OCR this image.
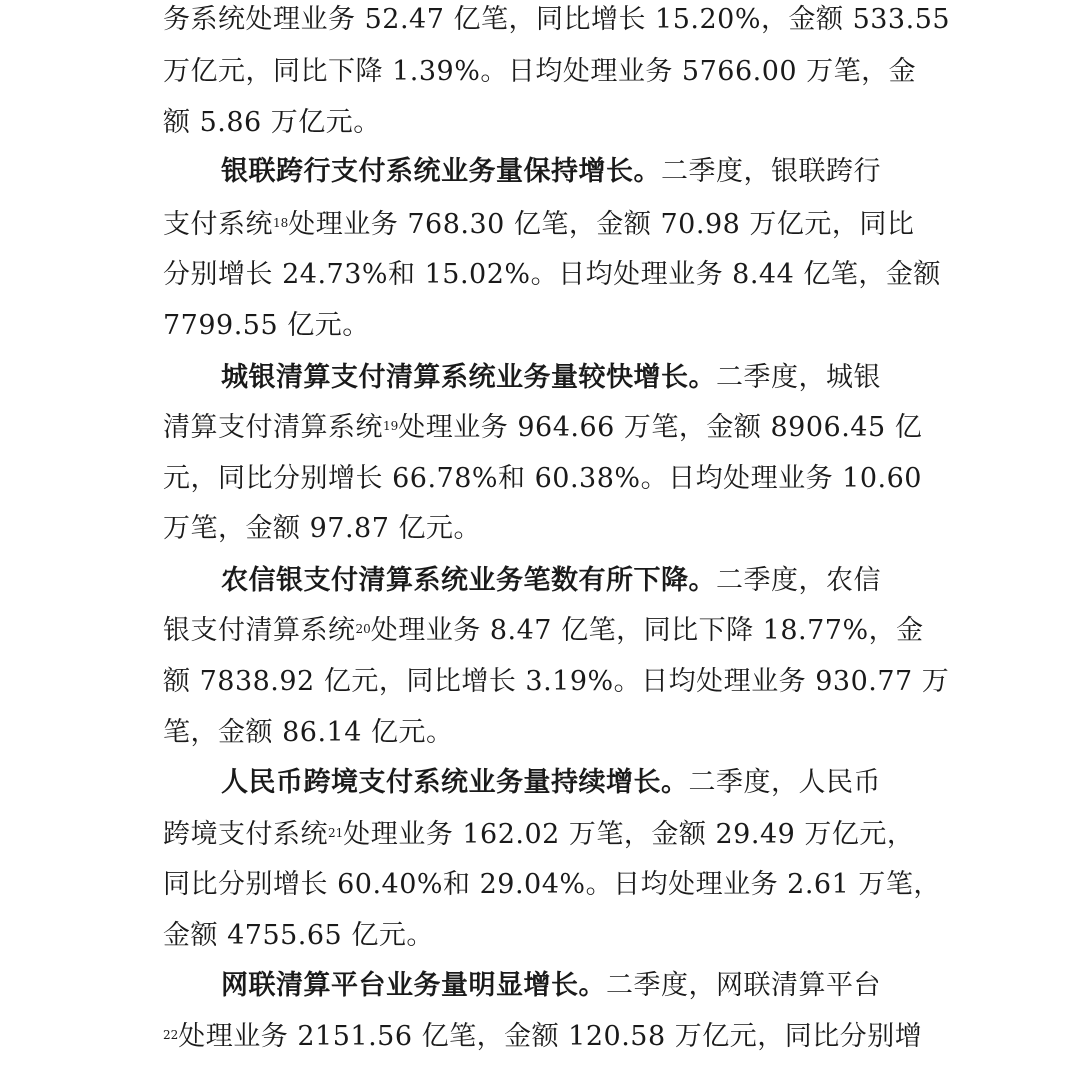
务系统处理业务 52.47 亿笔，同比增长 15.20%，金额 533.55
万亿元，同比下降 1.39%。日均处理业务 5766.00 万笔，金
额 5.86 万亿元。
银联跨行支付系统业务量保持增长。二季度，银联跨行
支付系统$^{18}$处理业务 768.30 亿笔，金额 70.98 万亿元，同比
分别增长 24.73%和 15.02%。日均处理业务 8.44 亿笔，金额
7799.55 亿元。
城银清算支付清算系统业务量较快增长。二季度，城银
清算支付清算系统$^{19}$处理业务 964.66 万笔，金额 8906.45 亿
元，同比分别增长 66.78%和 60.38%。日均处理业务 10.60
万笔，金额 97.87 亿元。
农信银支付清算系统业务笔数有所下降。二季度，农信
银支付清算系统$^{20}$处理业务 8.47 亿笔，同比下降 18.77%，金
额 7838.92 亿元，同比增长 3.19%。日均处理业务 930.77 万
笔，金额 86.14 亿元。
人民币跨境支付系统业务量持续增长。二季度，人民币
跨境支付系统$^{21}$处理业务 162.02 万笔，金额 29.49 万亿元，
同比分别增长 60.40%和 29.04%。日均处理业务 2.61 万笔，
金额 4755.65 亿元。
网联清算平台业务量明显增长。二季度，网联清算平台
$^{22}$处理业务 2151.56 亿笔，金额 120.58 万亿元，同比分别增
